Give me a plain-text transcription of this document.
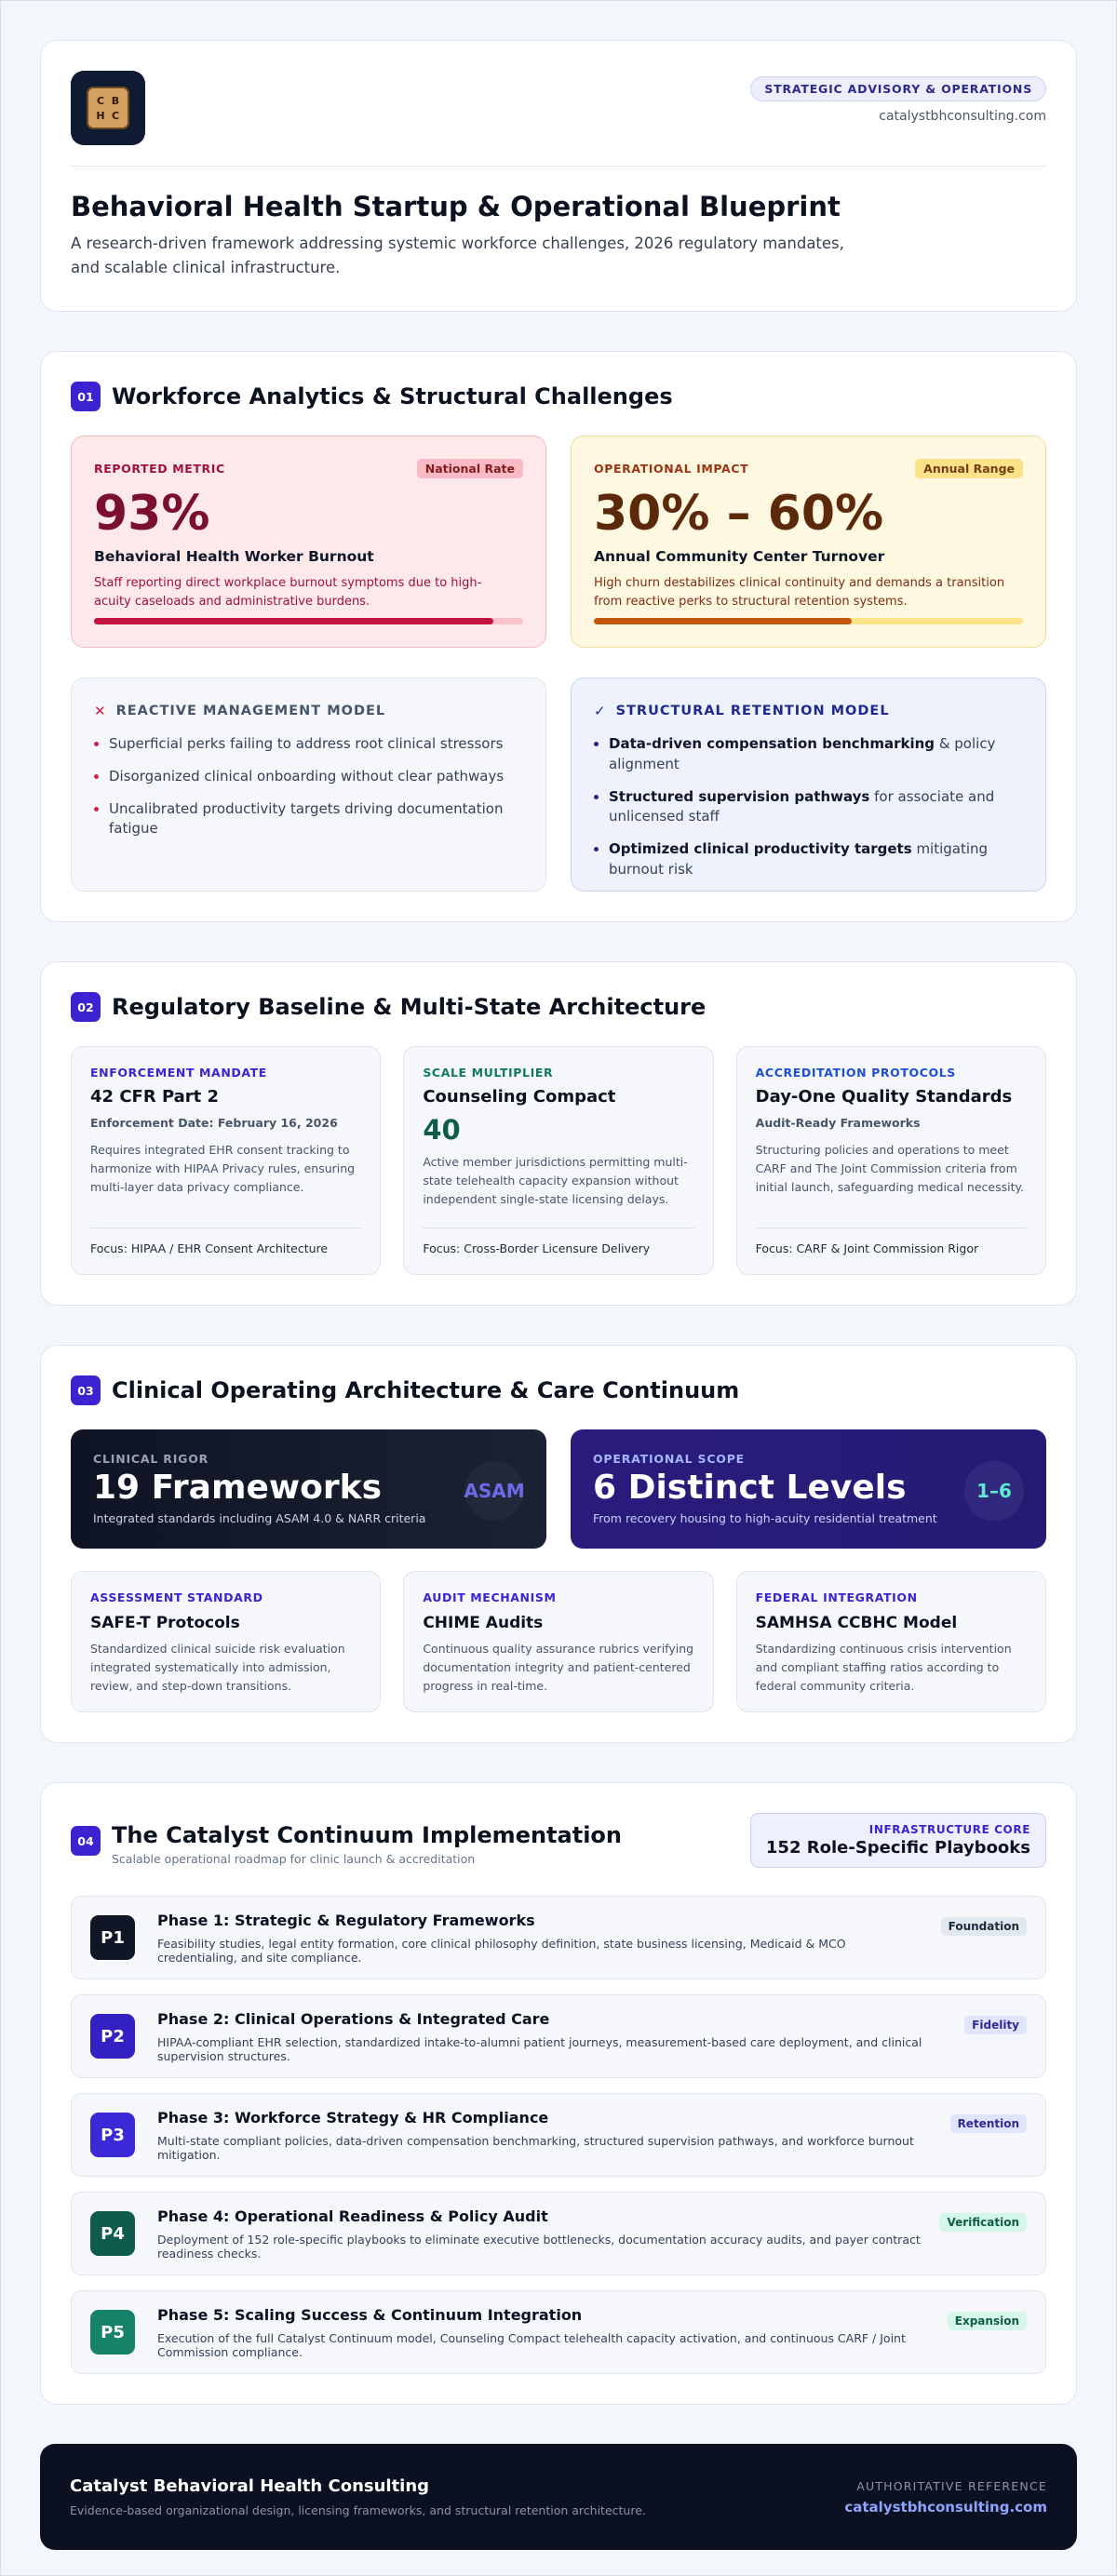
C B
H C
STRATEGIC ADVISORY & OPERATIONS
catalystbhconsulting.com
Behavioral Health Startup & Operational Blueprint

A research-driven framework addressing systemic workforce challenges, 2026 regulatory mandates, and scalable clinical infrastructure.

01 Workforce Analytics & Structural Challenges
REPORTED METRIC	National Rate
93%
Behavioral Health Worker Burnout
Staff reporting direct workplace burnout symptoms due to high-acuity caseloads and administrative burdens.
OPERATIONAL IMPACT	Annual Range
30% – 60%
Annual Community Center Turnover
High churn destabilizes clinical continuity and demands a transition from reactive perks to structural retention systems.
✕ REACTIVE MANAGEMENT MODEL
Superficial perks failing to address root clinical stressors
Disorganized clinical onboarding without clear pathways
Uncalibrated productivity targets driving documentation fatigue
✓ STRUCTURAL RETENTION MODEL
Data-driven compensation benchmarking & policy alignment
Structured supervision pathways for associate and unlicensed staff
Optimized clinical productivity targets mitigating burnout risk
02 Regulatory Baseline & Multi-State Architecture
ENFORCEMENT MANDATE
42 CFR Part 2
Enforcement Date: February 16, 2026
Requires integrated EHR consent tracking to harmonize with HIPAA Privacy rules, ensuring multi-layer data privacy compliance.
Focus: HIPAA / EHR Consent Architecture
SCALE MULTIPLIER
Counseling Compact
40
Active member jurisdictions permitting multi-state telehealth capacity expansion without independent single-state licensing delays.
Focus: Cross-Border Licensure Delivery
ACCREDITATION PROTOCOLS
Day-One Quality Standards
Audit-Ready Frameworks
Structuring policies and operations to meet CARF and The Joint Commission criteria from initial launch, safeguarding medical necessity.
Focus: CARF & Joint Commission Rigor
03 Clinical Operating Architecture & Care Continuum
CLINICAL RIGOR
19 Frameworks
Integrated standards including ASAM 4.0 & NARR criteria
ASAM
OPERATIONAL SCOPE
6 Distinct Levels
From recovery housing to high-acuity residential treatment
1–6
ASSESSMENT STANDARD
SAFE-T Protocols
Standardized clinical suicide risk evaluation integrated systematically into admission, review, and step-down transitions.
AUDIT MECHANISM
CHIME Audits
Continuous quality assurance rubrics verifying documentation integrity and patient-centered progress in real-time.
FEDERAL INTEGRATION
SAMHSA CCBHC Model
Standardizing continuous crisis intervention and compliant staffing ratios according to federal community criteria.
04 The Catalyst Continuum Implementation
Scalable operational roadmap for clinic launch & accreditation
INFRASTRUCTURE CORE
152 Role-Specific Playbooks
P1
Phase 1: Strategic & Regulatory Frameworks
Feasibility studies, legal entity formation, core clinical philosophy definition, state business licensing, Medicaid & MCO credentialing, and site compliance.
Foundation
P2
Phase 2: Clinical Operations & Integrated Care
HIPAA-compliant EHR selection, standardized intake-to-alumni patient journeys, measurement-based care deployment, and clinical supervision structures.
Fidelity
P3
Phase 3: Workforce Strategy & HR Compliance
Multi-state compliant policies, data-driven compensation benchmarking, structured supervision pathways, and workforce burnout mitigation.
Retention
P4
Phase 4: Operational Readiness & Policy Audit
Deployment of 152 role-specific playbooks to eliminate executive bottlenecks, documentation accuracy audits, and payer contract readiness checks.
Verification
P5
Phase 5: Scaling Success & Continuum Integration
Execution of the full Catalyst Continuum model, Counseling Compact telehealth capacity activation, and continuous CARF / Joint Commission compliance.
Expansion
Catalyst Behavioral Health Consulting
Evidence-based organizational design, licensing frameworks, and structural retention architecture.
AUTHORITATIVE REFERENCE
catalystbhconsulting.com
